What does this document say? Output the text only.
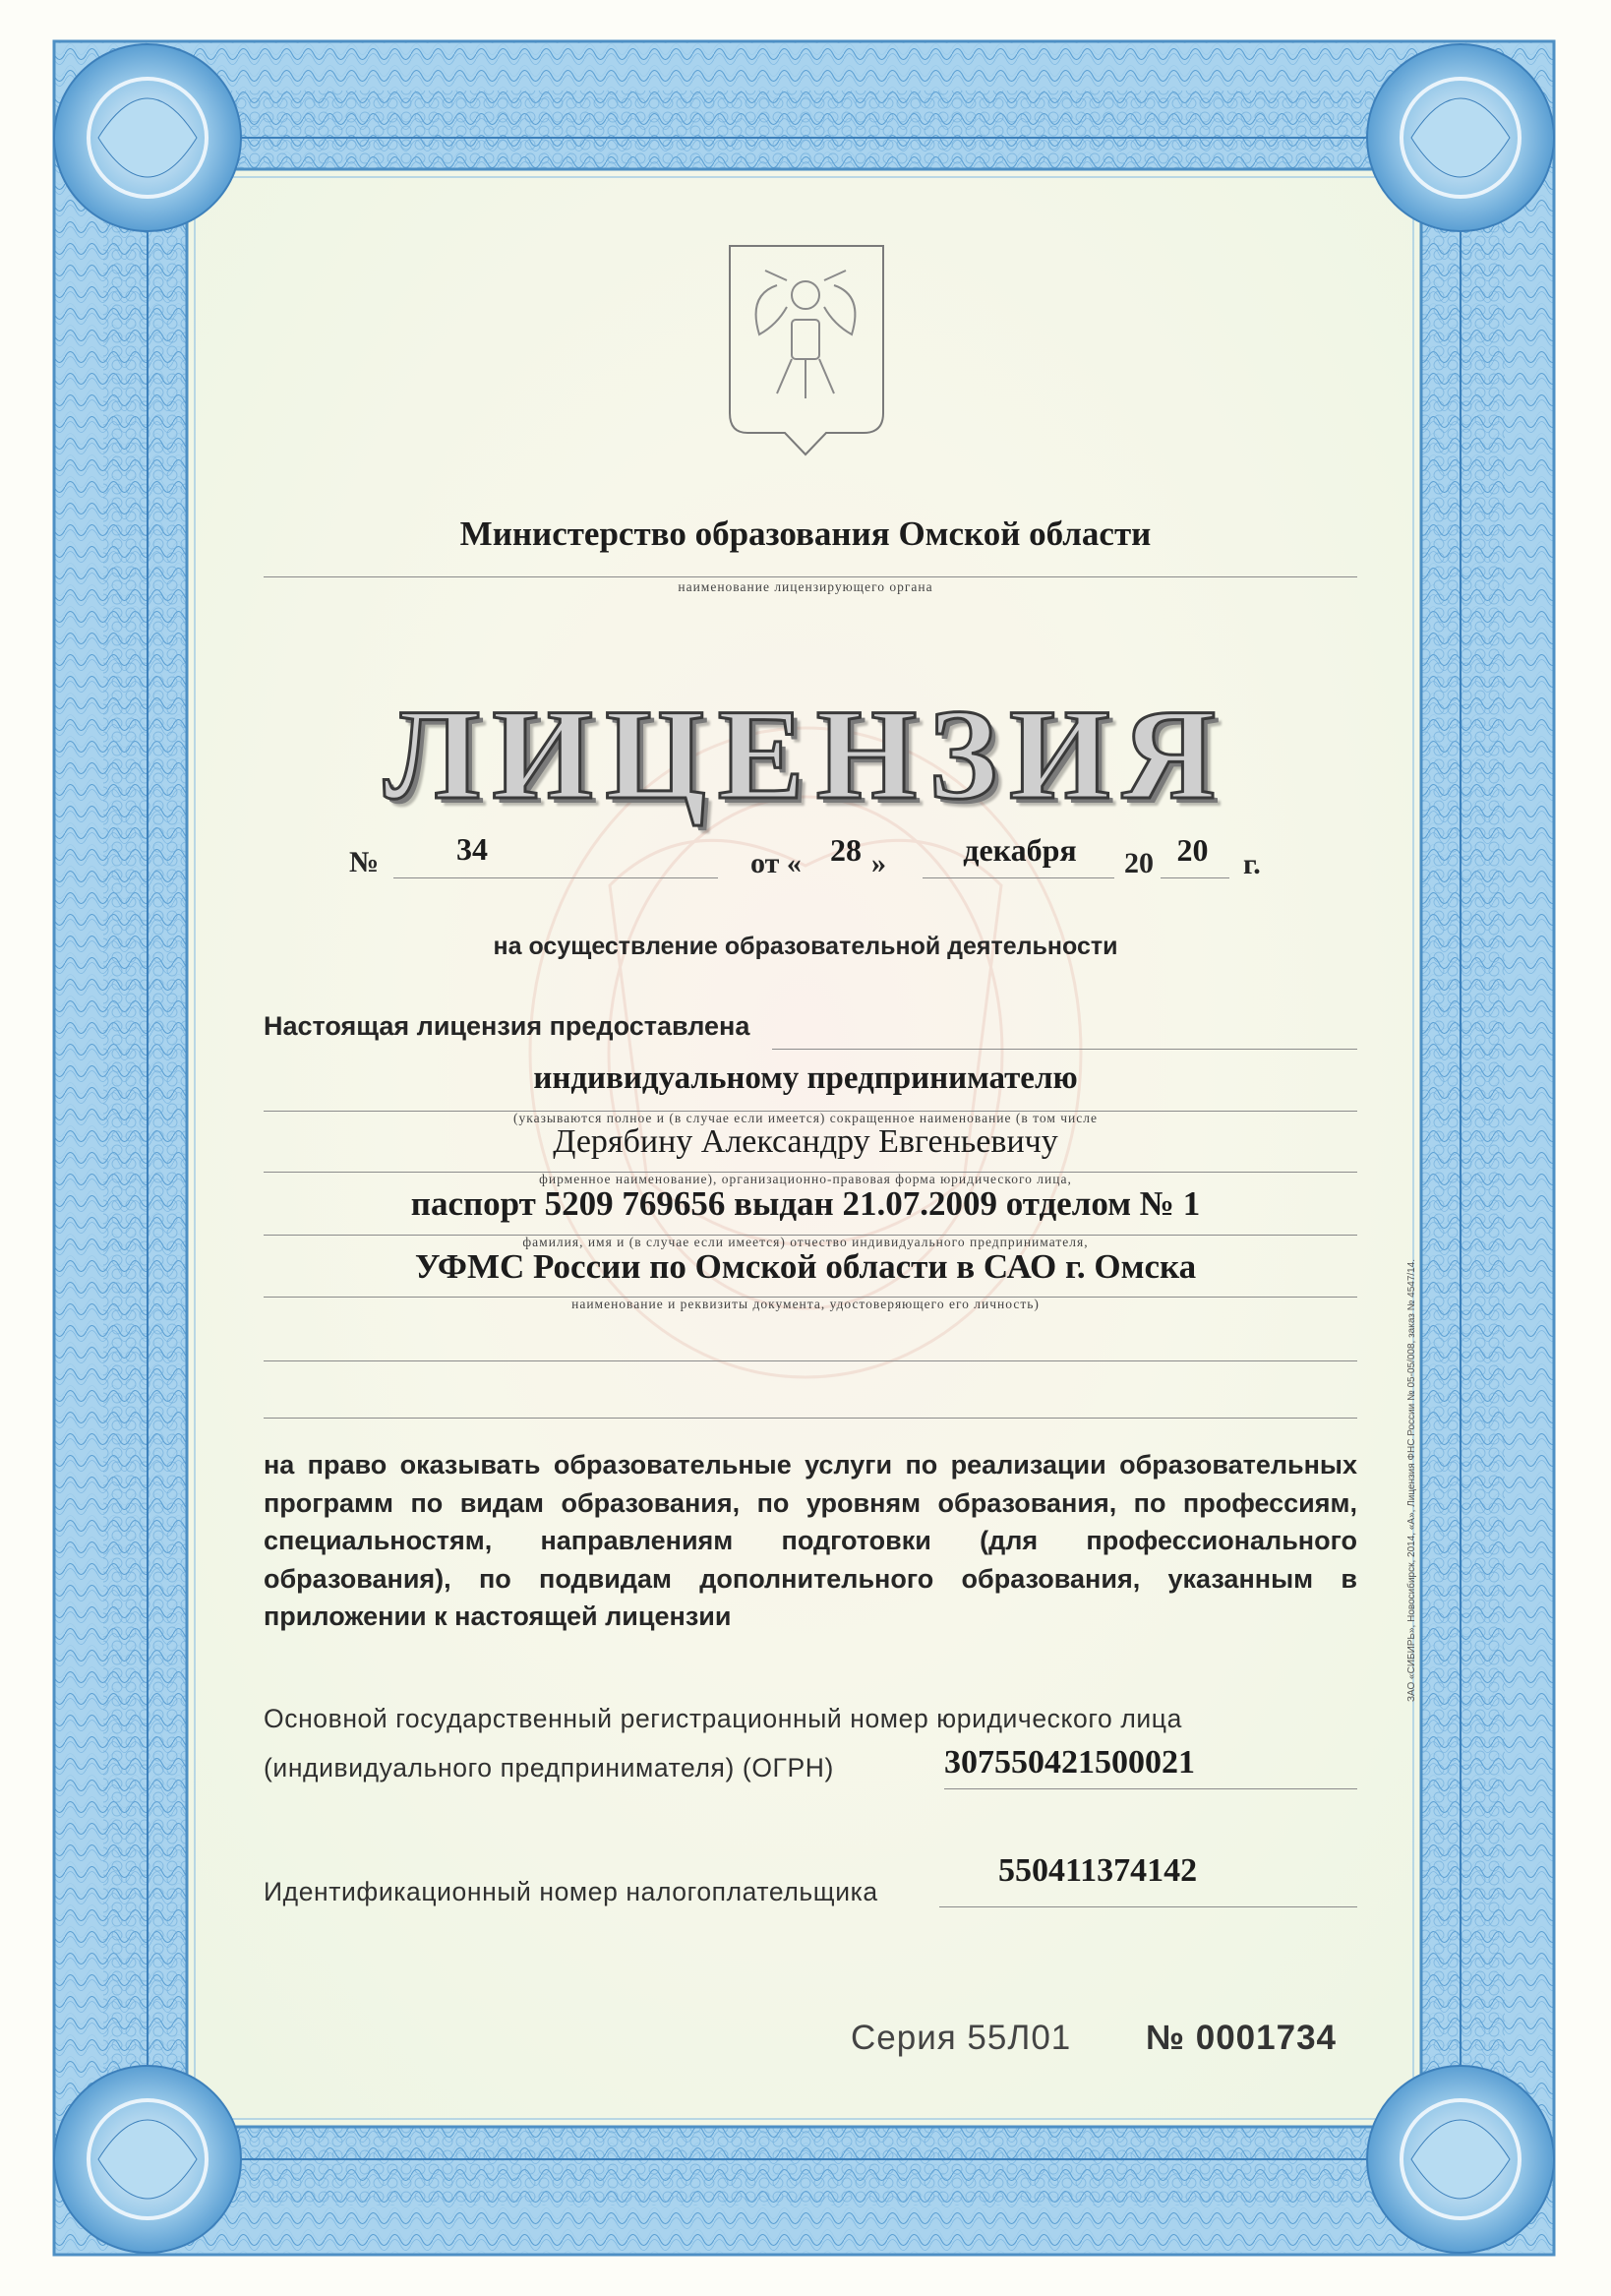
Министерство образования Омской области
наименование лицензирующего органа
ЛИЦЕНЗИЯ
№	34	от « 28 »	декабря	20 20	г.
на осуществление образовательной деятельности
Настоящая лицензия предоставлена
индивидуальному предпринимателю
(указываются полное и (в случае если имеется) сокращенное наименование (в том числе
Дерябину Александру Евгеньевичу
фирменное наименование), организационно-правовая форма юридического лица,
паспорт 5209 769656 выдан 21.07.2009 отделом № 1
фамилия, имя и (в случае если имеется) отчество индивидуального предпринимателя,
УФМС России по Омской области в САО г. Омска
наименование и реквизиты документа, удостоверяющего его личность)
на право оказывать образовательные услуги по реализации образовательных
программ по видам образования, по уровням образования, по профессиям,
специальностям, направлениям подготовки (для профессионального
образования), по подвидам дополнительного образования, указанным в
приложении к настоящей лицензии
Основной государственный регистрационный номер юридического лица
(индивидуального предпринимателя) (ОГРН)	307550421500021
Идентификационный номер налогоплательщика
550411374142
Серия 55Л01 № 0001734
ЗАО «СИБИРЬ», Новосибирск, 2014, «А», Лицензия ФНС России № 05-05/008, заказ № 4547/14.
